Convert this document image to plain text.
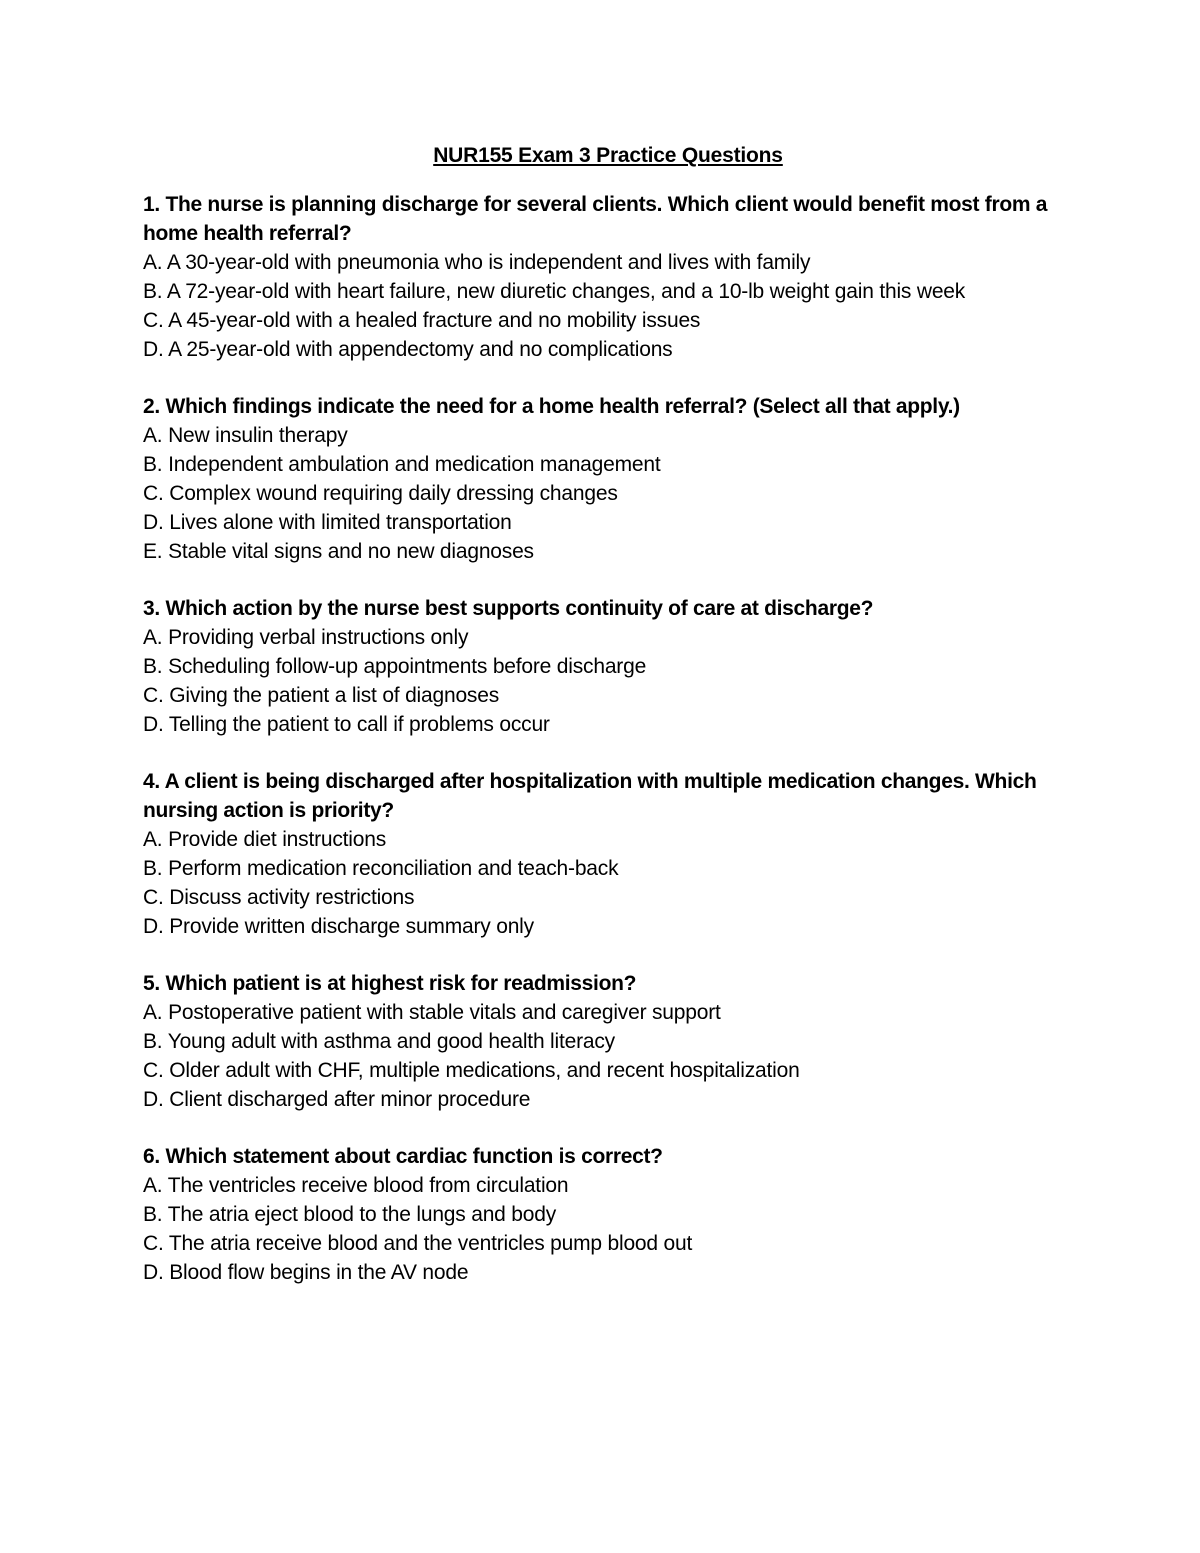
NUR155 Exam 3 Practice Questions

1. The nurse is planning discharge for several clients. Which client would benefit most from a home health referral?

A. A 30-year-old with pneumonia who is independent and lives with family
B. A 72-year-old with heart failure, new diuretic changes, and a 10-lb weight gain this week
C. A 45-year-old with a healed fracture and no mobility issues
D. A 25-year-old with appendectomy and no complications

2. Which findings indicate the need for a home health referral? (Select all that apply.)

A. New insulin therapy
B. Independent ambulation and medication management
C. Complex wound requiring daily dressing changes
D. Lives alone with limited transportation
E. Stable vital signs and no new diagnoses

3. Which action by the nurse best supports continuity of care at discharge?

A. Providing verbal instructions only
B. Scheduling follow-up appointments before discharge
C. Giving the patient a list of diagnoses
D. Telling the patient to call if problems occur

4. A client is being discharged after hospitalization with multiple medication changes. Which nursing action is priority?

A. Provide diet instructions
B. Perform medication reconciliation and teach-back
C. Discuss activity restrictions
D. Provide written discharge summary only

5. Which patient is at highest risk for readmission?

A. Postoperative patient with stable vitals and caregiver support
B. Young adult with asthma and good health literacy
C. Older adult with CHF, multiple medications, and recent hospitalization
D. Client discharged after minor procedure

6. Which statement about cardiac function is correct?

A. The ventricles receive blood from circulation
B. The atria eject blood to the lungs and body
C. The atria receive blood and the ventricles pump blood out
D. Blood flow begins in the AV node
